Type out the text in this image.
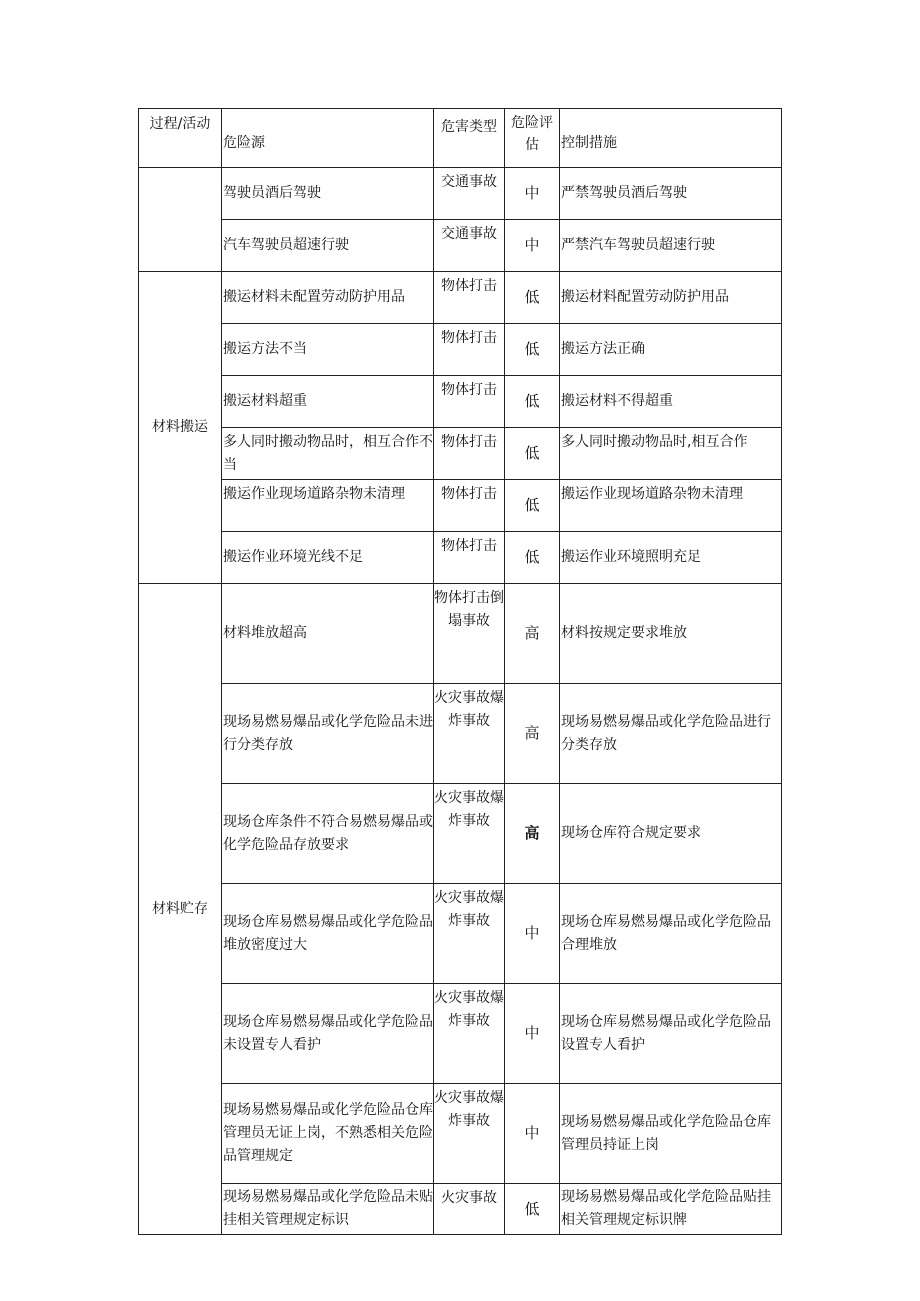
过程/活动	危险源	危害类型	危险评估	控制措施
	驾驶员酒后驾驶	交通事故	中	严禁驾驶员酒后驾驶
	汽车驾驶员超速行驶	交通事故	中	严禁汽车驾驶员超速行驶
材料搬运	搬运材料未配置劳动防护用品	物体打击	低	搬运材料配置劳动防护用品
	搬运方法不当	物体打击	低	搬运方法正确
	搬运材料超重	物体打击	低	搬运材料不得超重
	多人同时搬动物品时，相互合作不当	物体打击	低	多人同时搬动物品时,相互合作
	搬运作业现场道路杂物未清理	物体打击	低	搬运作业现场道路杂物未清理
	搬运作业环境光线不足	物体打击	低	搬运作业环境照明充足
材料贮存	材料堆放超高	物体打击倒塌事故	高	材料按规定要求堆放
	现场易燃易爆品或化学危险品未进行分类存放	火灾事故爆炸事故	高	现场易燃易爆品或化学危险品进行分类存放
	现场仓库条件不符合易燃易爆品或化学危险品存放要求	火灾事故爆炸事故	高	现场仓库符合规定要求
	现场仓库易燃易爆品或化学危险品堆放密度过大	火灾事故爆炸事故	中	现场仓库易燃易爆品或化学危险品合理堆放
	现场仓库易燃易爆品或化学危险品未设置专人看护	火灾事故爆炸事故	中	现场仓库易燃易爆品或化学危险品设置专人看护
	现场易燃易爆品或化学危险品仓库管理员无证上岗，不熟悉相关危险品管理规定	火灾事故爆炸事故	中	现场易燃易爆品或化学危险品仓库管理员持证上岗
	现场易燃易爆品或化学危险品未贴挂相关管理规定标识	火灾事故	低	现场易燃易爆品或化学危险品贴挂相关管理规定标识牌
